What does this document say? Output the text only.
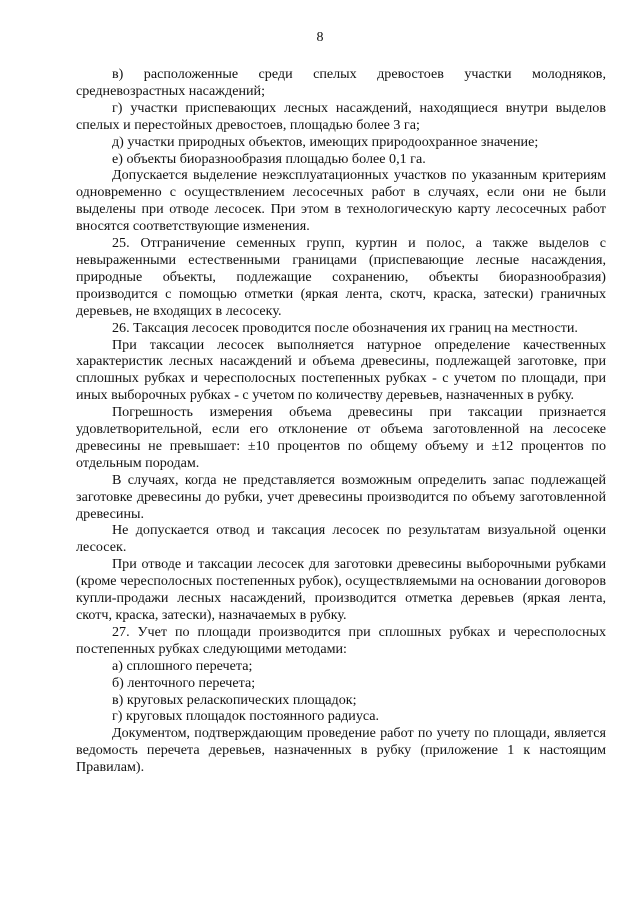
8

в) расположенные среди спелых древостоев участки молодняков, средневозрастных насаждений;

г) участки приспевающих лесных насаждений, находящиеся внутри выделов спелых и перестойных древостоев, площадью более 3 га;

д) участки природных объектов, имеющих природоохранное значение;

е) объекты биоразнообразия площадью более 0,1 га.

Допускается выделение неэксплуатационных участков по указанным критериям одновременно с осуществлением лесосечных работ в случаях, если они не были выделены при отводе лесосек. При этом в технологическую карту лесосечных работ вносятся соответствующие изменения.

25. Отграничение семенных групп, куртин и полос, а также выделов с невыраженными естественными границами (приспевающие лесные насаждения, природные объекты, подлежащие сохранению, объекты биоразнообразия) производится с помощью отметки (яркая лента, скотч, краска, затески) граничных деревьев, не входящих в лесосеку.

26. Таксация лесосек проводится после обозначения их границ на местности.

При таксации лесосек выполняется натурное определение качественных характеристик лесных насаждений и объема древесины, подлежащей заготовке, при сплошных рубках и чересполосных постепенных рубках - с учетом по площади, при иных выборочных рубках - с учетом по количеству деревьев, назначенных в рубку.

Погрешность измерения объема древесины при таксации признается удовлетворительной, если его отклонение от объема заготовленной на лесосеке древесины не превышает: ±10 процентов по общему объему и ±12 процентов по отдельным породам.

В случаях, когда не представляется возможным определить запас подлежащей заготовке древесины до рубки, учет древесины производится по объему заготовленной древесины.

Не допускается отвод и таксация лесосек по результатам визуальной оценки лесосек.

При отводе и таксации лесосек для заготовки древесины выборочными рубками (кроме чересполосных постепенных рубок), осуществляемыми на основании договоров купли-продажи лесных насаждений, производится отметка деревьев (яркая лента, скотч, краска, затески), назначаемых в рубку.

27. Учет по площади производится при сплошных рубках и чересполосных постепенных рубках следующими методами:

а) сплошного перечета;

б) ленточного перечета;

в) круговых реласкопических площадок;

г) круговых площадок постоянного радиуса.

Документом, подтверждающим проведение работ по учету по площади, является ведомость перечета деревьев, назначенных в рубку (приложение 1 к настоящим Правилам).
